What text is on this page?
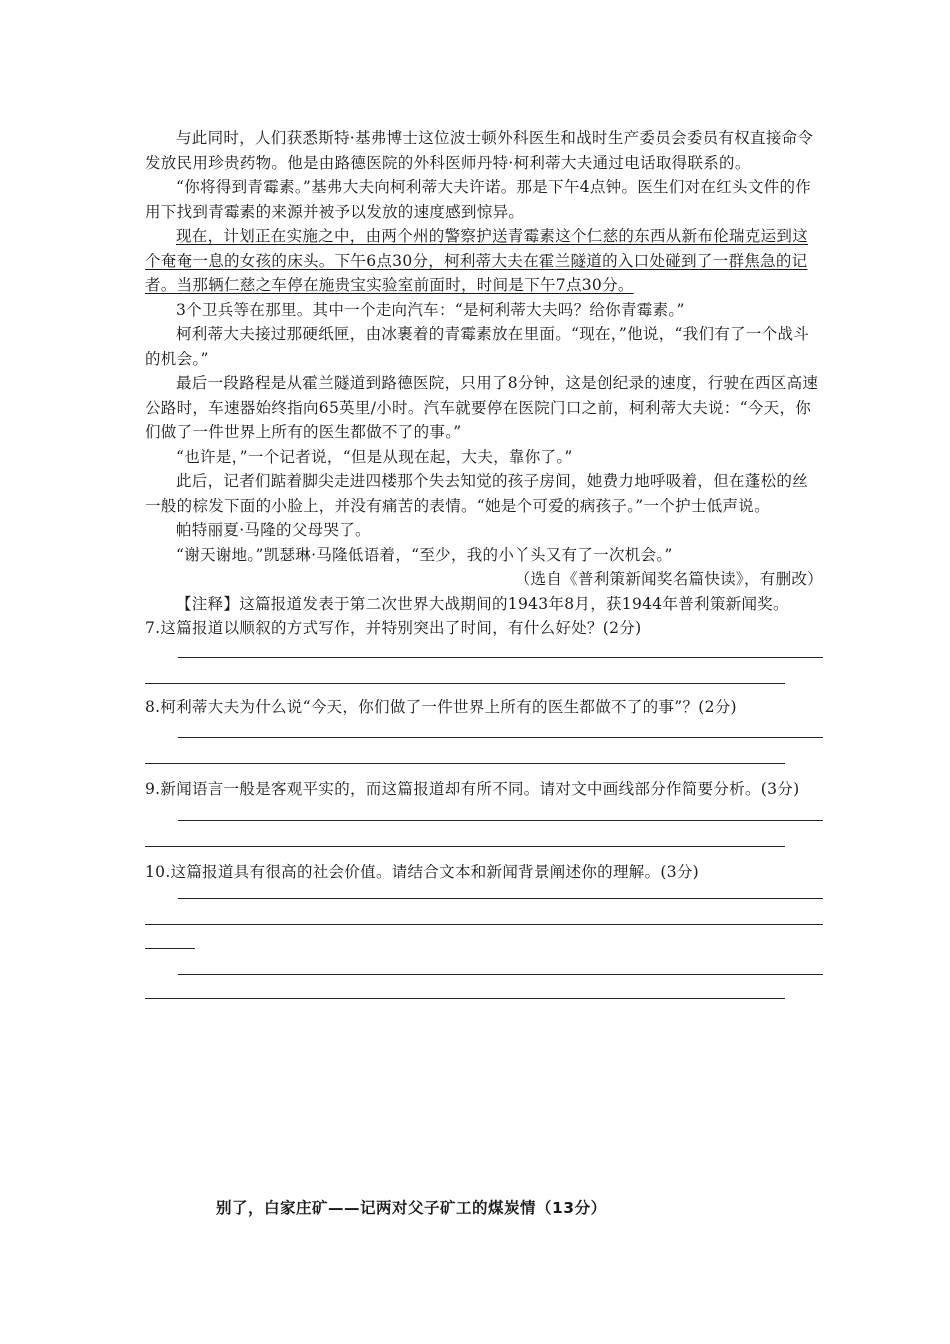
与此同时，人们获悉斯特·基弗博士这位波士顿外科医生和战时生产委员会委员有权直接命令发放民用珍贵药物。他是由路德医院的外科医师丹特·柯利蒂大夫通过电话取得联系的。

“你将得到青霉素。”基弗大夫向柯利蒂大夫许诺。那是下午4点钟。医生们对在红头文件的作用下找到青霉素的来源并被予以发放的速度感到惊异。

现在，计划正在实施之中，由两个州的警察护送青霉素这个仁慈的东西从新布伦瑞克运到这个奄奄一息的女孩的床头。下午6点30分，柯利蒂大夫在霍兰隧道的入口处碰到了一群焦急的记者。当那辆仁慈之车停在施贵宝实验室前面时，时间是下午7点30分。

3个卫兵等在那里。其中一个走向汽车：“是柯利蒂大夫吗？给你青霉素。”

柯利蒂大夫接过那硬纸匣，由冰裹着的青霉素放在里面。“现在，”他说，“我们有了一个战斗的机会。”

最后一段路程是从霍兰隧道到路德医院，只用了8分钟，这是创纪录的速度，行驶在西区高速公路时，车速器始终指向65英里/小时。汽车就要停在医院门口之前，柯利蒂大夫说：“今天，你们做了一件世界上所有的医生都做不了的事。”

“也许是，”一个记者说，“但是从现在起，大夫，靠你了。”

此后，记者们踮着脚尖走进四楼那个失去知觉的孩子房间，她费力地呼吸着，但在蓬松的丝一般的棕发下面的小脸上，并没有痛苦的表情。“她是个可爱的病孩子。”一个护士低声说。

帕特丽夏·马隆的父母哭了。

“谢天谢地。”凯瑟琳·马隆低语着，“至少，我的小丫头又有了一次机会。”

（选自《普利策新闻奖名篇快读》，有删改）

【注释】这篇报道发表于第二次世界大战期间的1943年8月，获1944年普利策新闻奖。

7.这篇报道以顺叙的方式写作，并特别突出了时间，有什么好处？(2分)

8.柯利蒂大夫为什么说“今天，你们做了一件世界上所有的医生都做不了的事”？(2分)

9.新闻语言一般是客观平实的，而这篇报道却有所不同。请对文中画线部分作简要分析。(3分)

10.这篇报道具有很高的社会价值。请结合文本和新闻背景阐述你的理解。(3分)

别了，白家庄矿——记两对父子矿工的煤炭情（13分）
